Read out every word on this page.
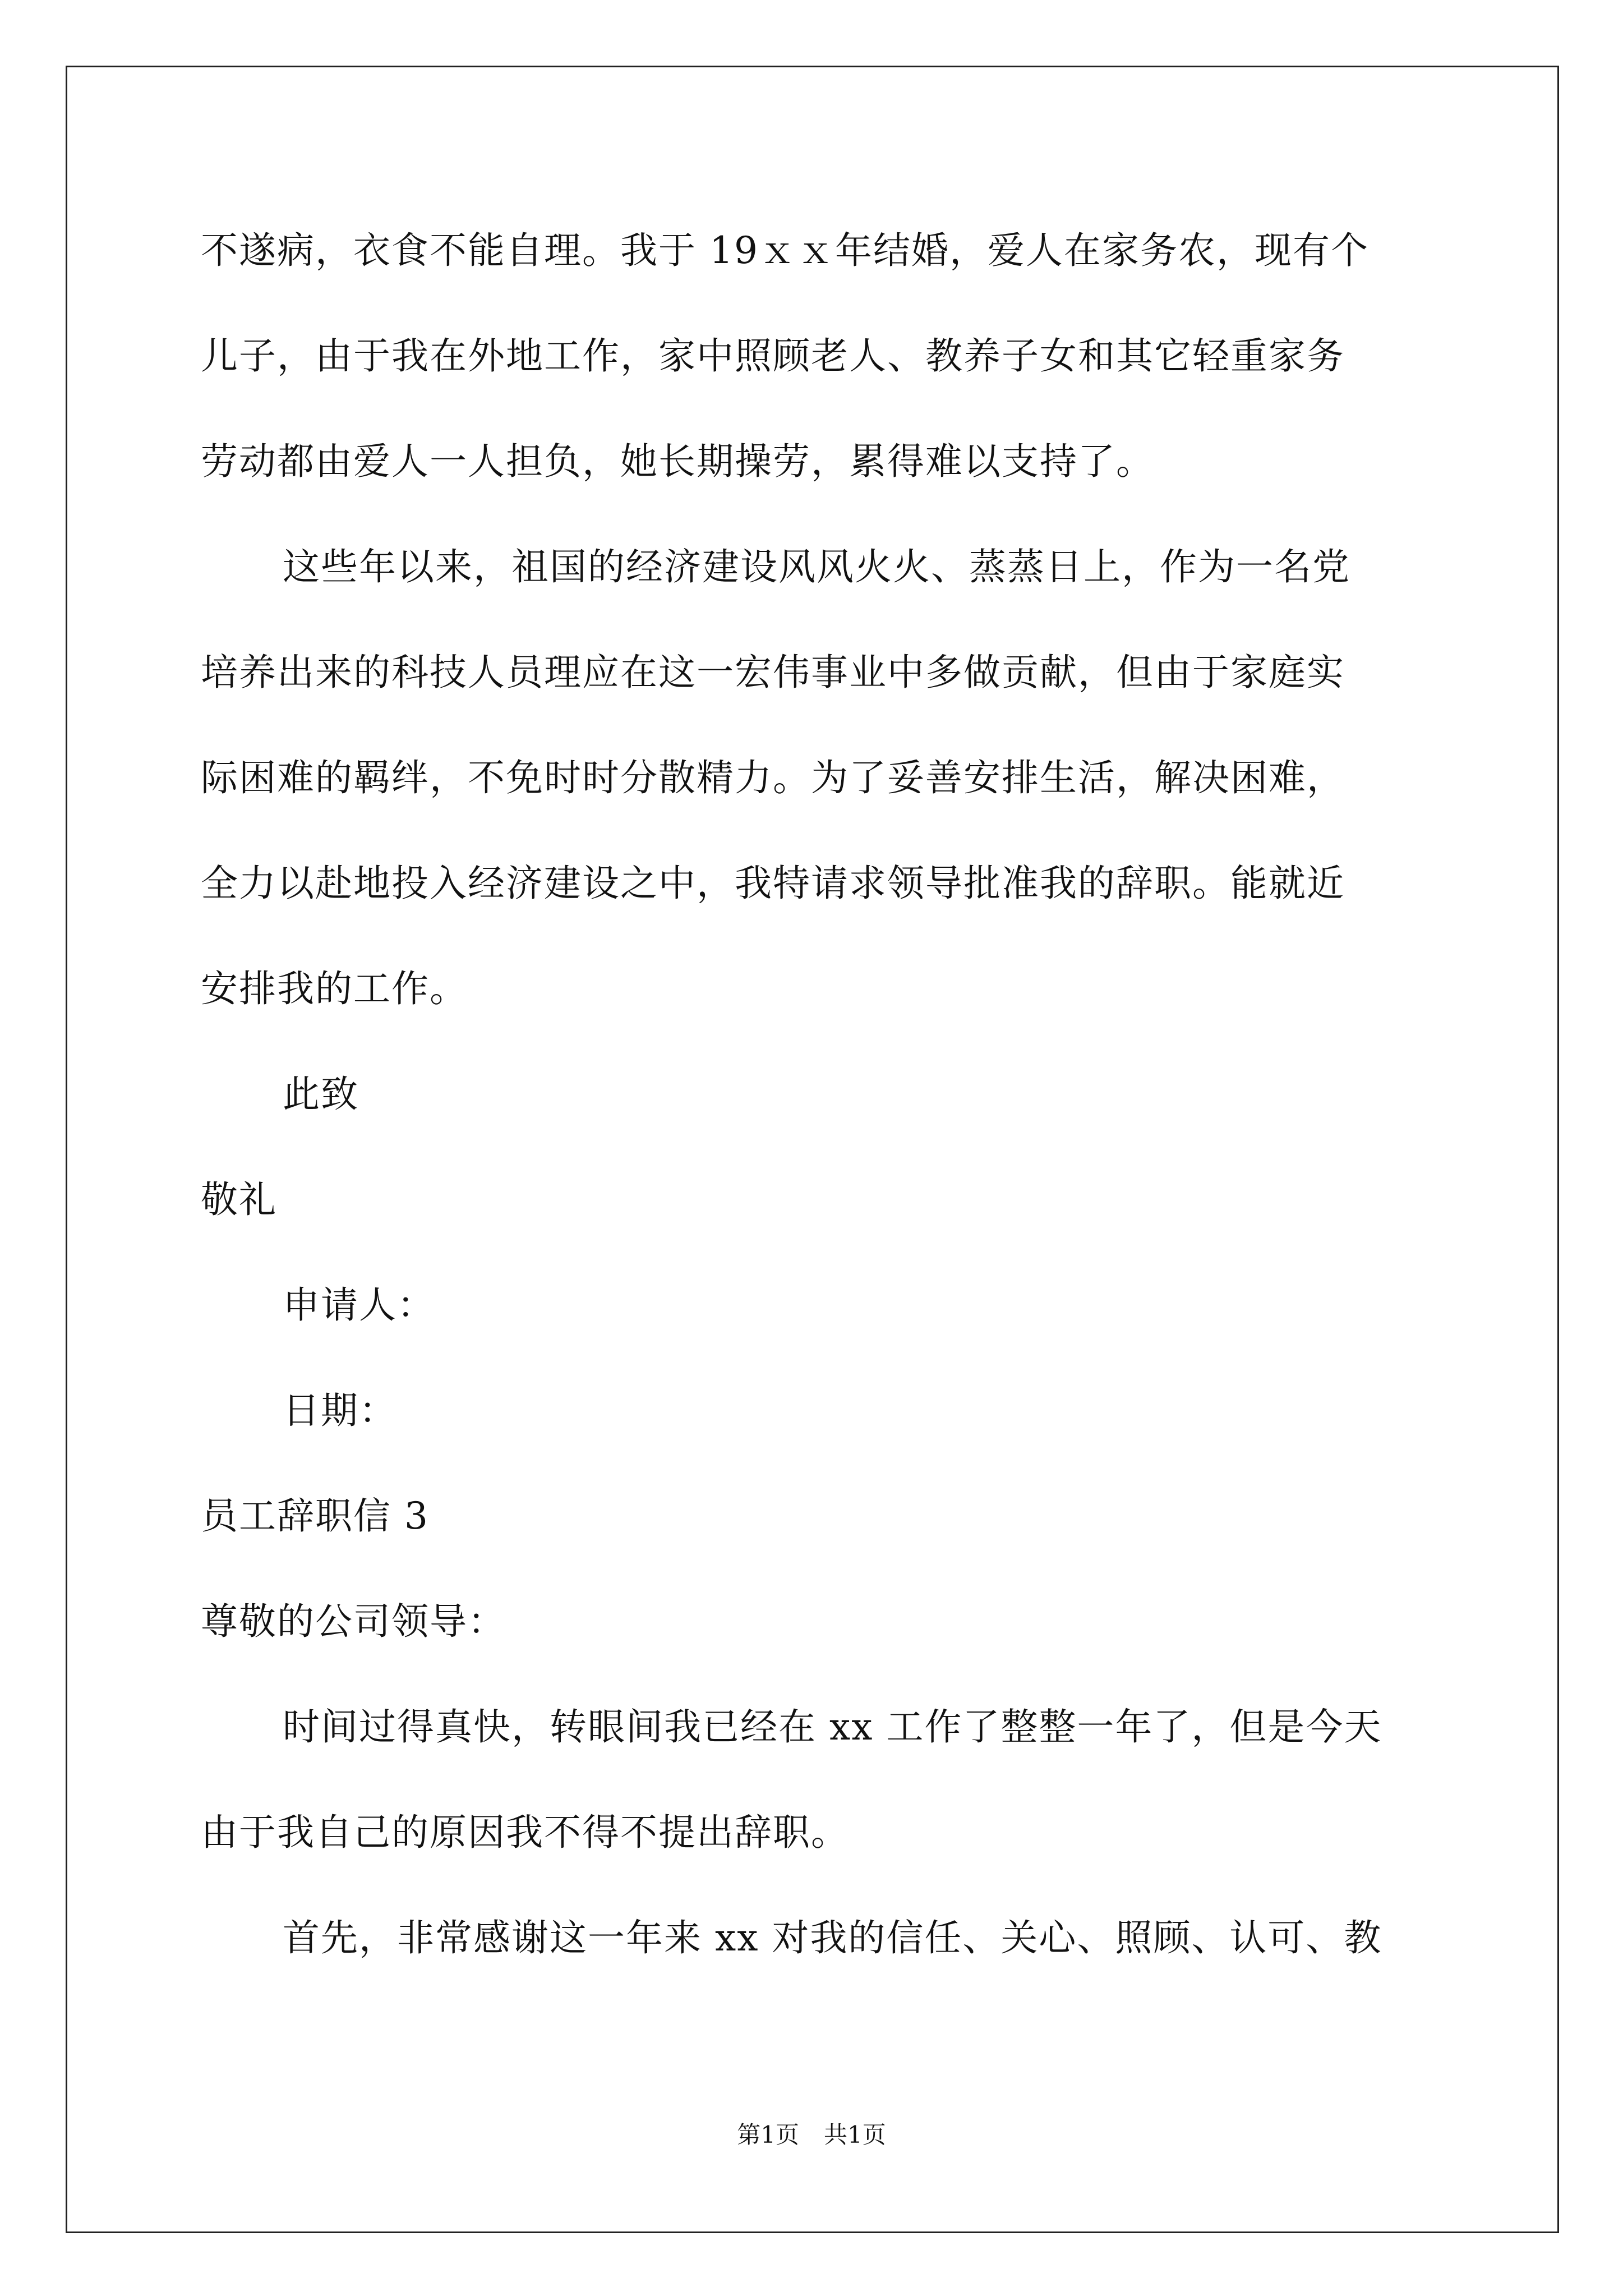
不遂病，衣食不能自理。我于 19ｘｘ年结婚，爱人在家务农，现有个
儿子，由于我在外地工作，家中照顾老人、教养子女和其它轻重家务
劳动都由爱人一人担负，她长期操劳，累得难以支持了。
这些年以来，祖国的经济建设风风火火、蒸蒸日上，作为一名党
培养出来的科技人员理应在这一宏伟事业中多做贡献，但由于家庭实
际困难的羁绊，不免时时分散精力。为了妥善安排生活，解决困难，
全力以赴地投入经济建设之中，我特请求领导批准我的辞职。能就近
安排我的工作。
此致
敬礼
申请人：
日期：
员工辞职信 3
尊敬的公司领导：
时间过得真快，转眼间我已经在 xx 工作了整整一年了，但是今天
由于我自己的原因我不得不提出辞职。
首先，非常感谢这一年来 xx 对我的信任、关心、照顾、认可、教
第1页 共1页
